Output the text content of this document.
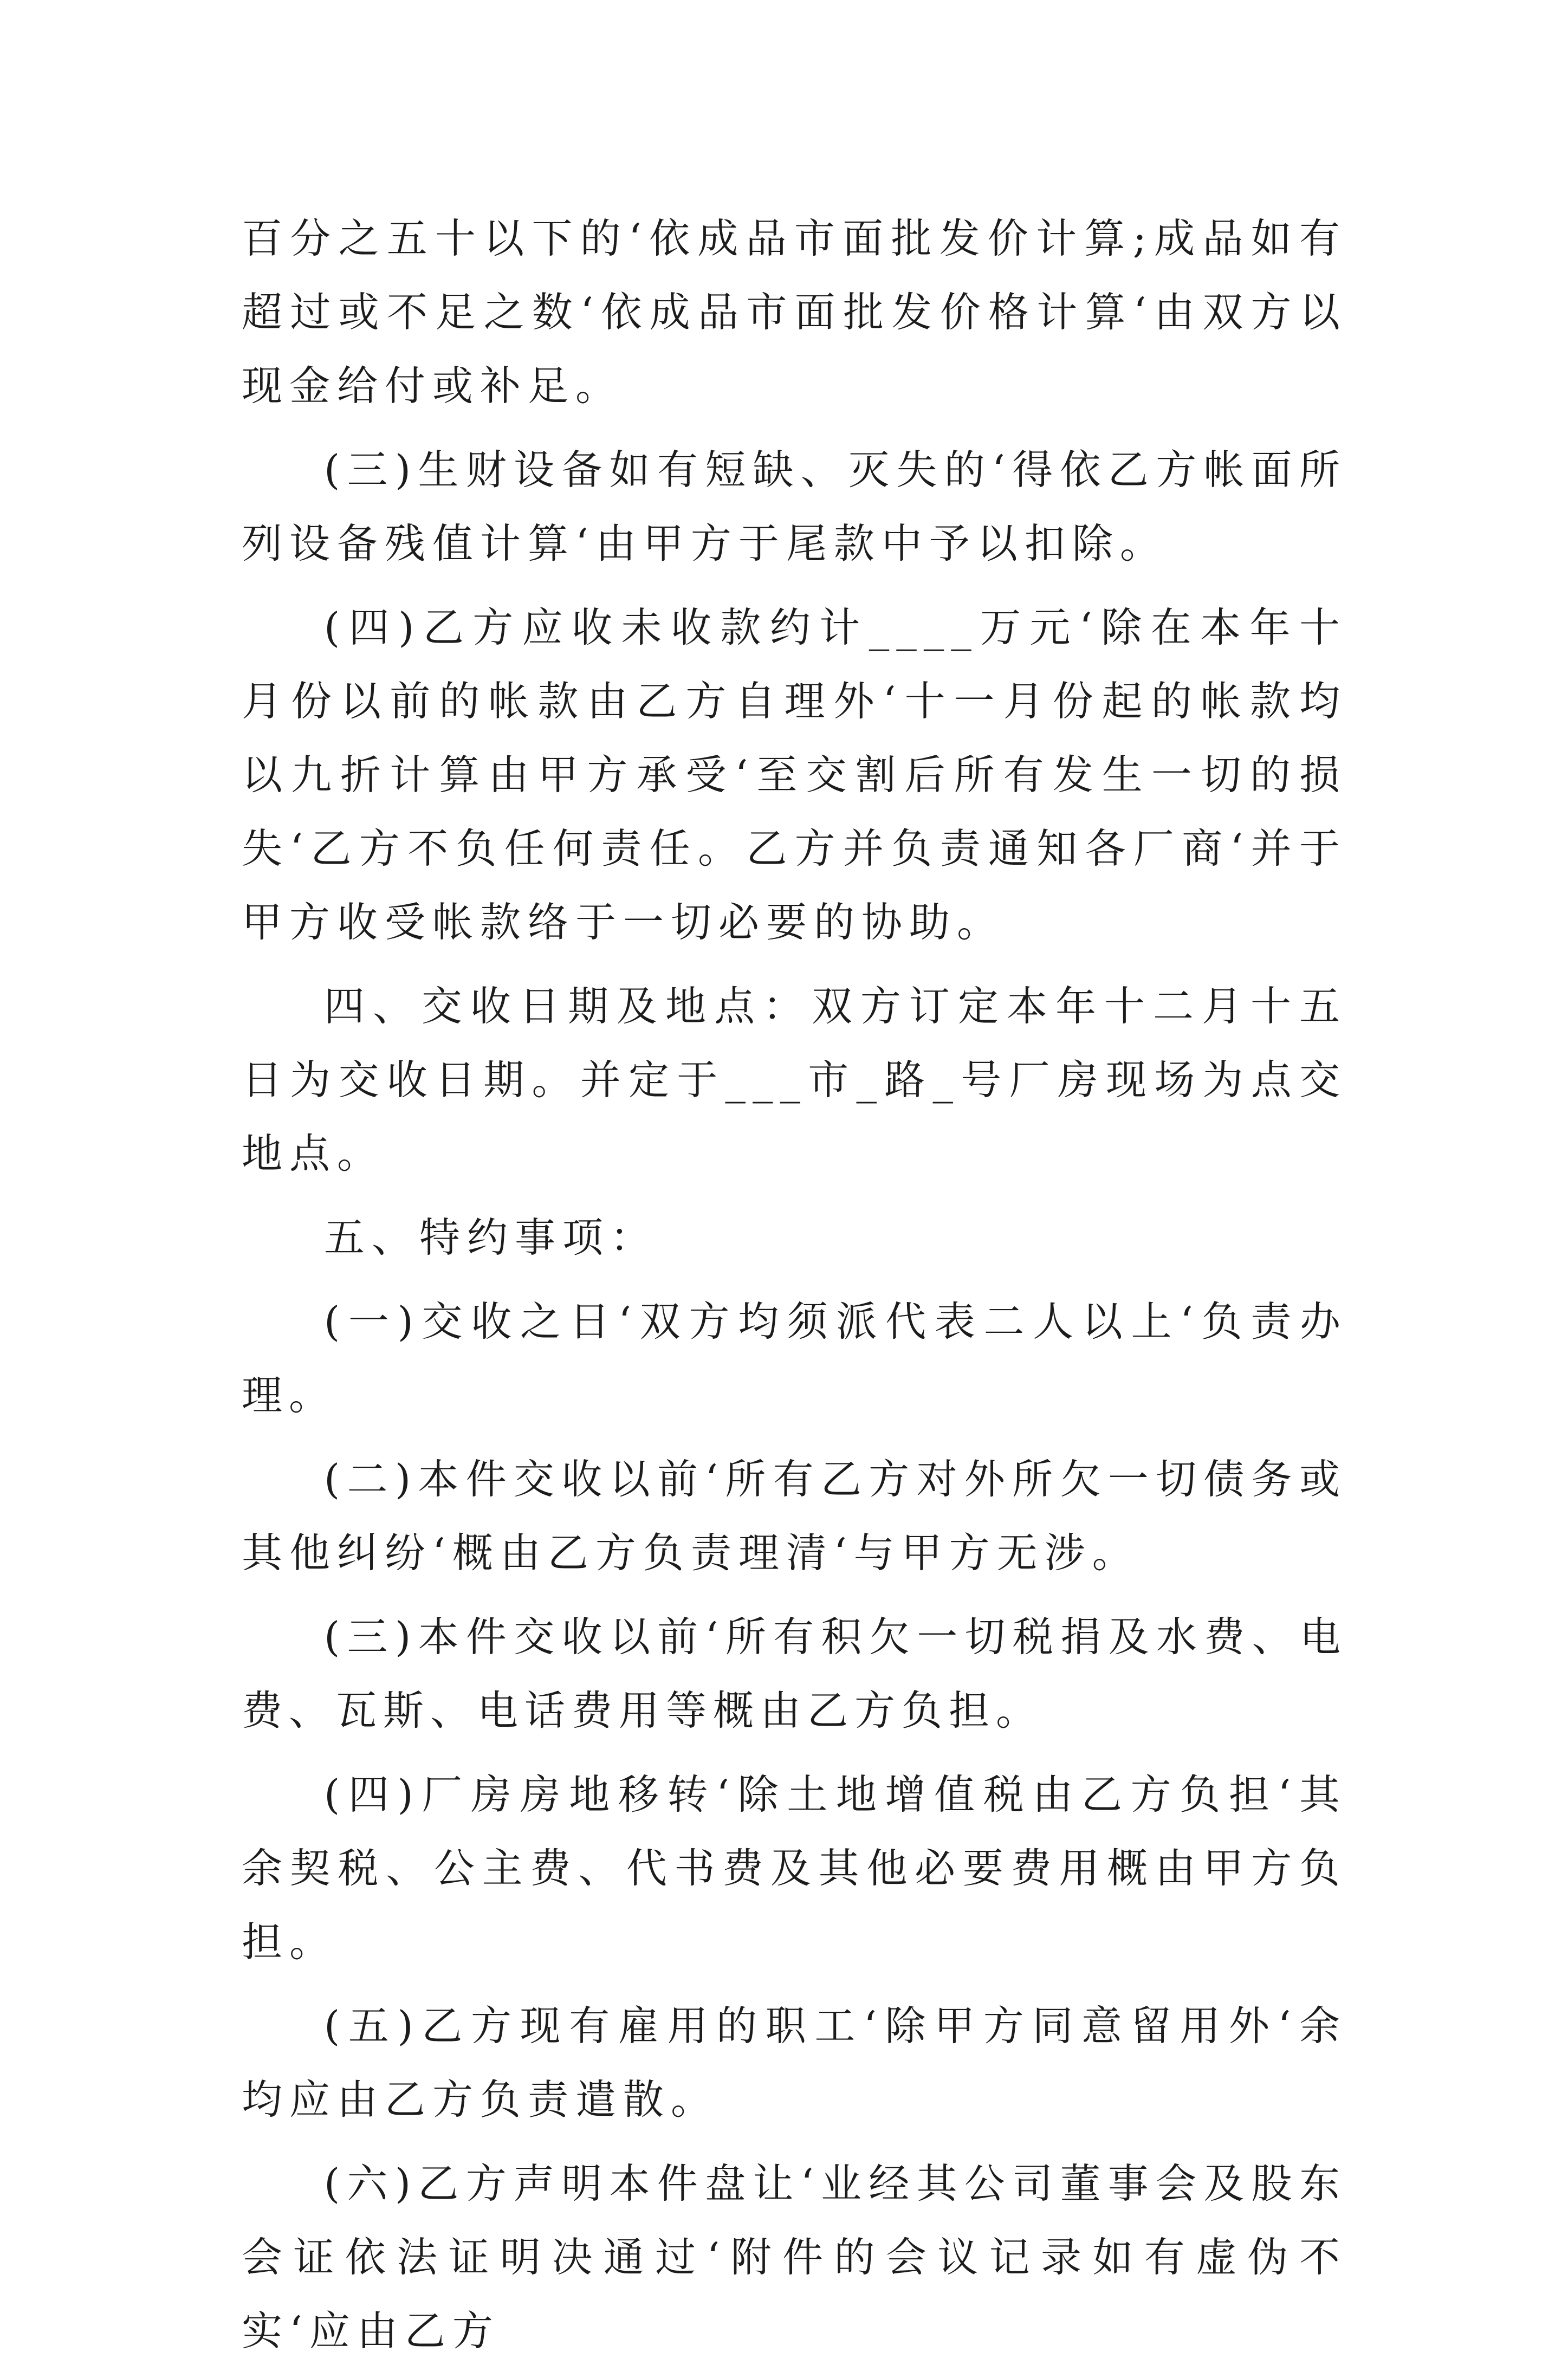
百分之五十以下的‘依成品市面批发价计算;成品如有超过或不足之数‘依成品市面批发价格计算‘由双方以现金给付或补足。

(三)生财设备如有短缺、灭失的‘得依乙方帐面所列设备残值计算‘由甲方于尾款中予以扣除。

(四)乙方应收未收款约计____万元‘除在本年十月份以前的帐款由乙方自理外‘十一月份起的帐款均以九折计算由甲方承受‘至交割后所有发生一切的损失‘乙方不负任何责任。乙方并负责通知各厂商‘并于甲方收受帐款络于一切必要的协助。

四、交收日期及地点：双方订定本年十二月十五日为交收日期。并定于___市_路_号厂房现场为点交地点。

五、特约事项：

(一)交收之日‘双方均须派代表二人以上‘负责办理。

(二)本件交收以前‘所有乙方对外所欠一切债务或其他纠纷‘概由乙方负责理清‘与甲方无涉。

(三)本件交收以前‘所有积欠一切税捐及水费、电费、瓦斯、电话费用等概由乙方负担。

(四)厂房房地移转‘除土地增值税由乙方负担‘其余契税、公主费、代书费及其他必要费用概由甲方负担。

(五)乙方现有雇用的职工‘除甲方同意留用外‘余均应由乙方负责遣散。

(六)乙方声明本件盘让‘业经其公司董事会及股东会证依法证明决通过‘附件的会议记录如有虚伪不实‘应由乙方
